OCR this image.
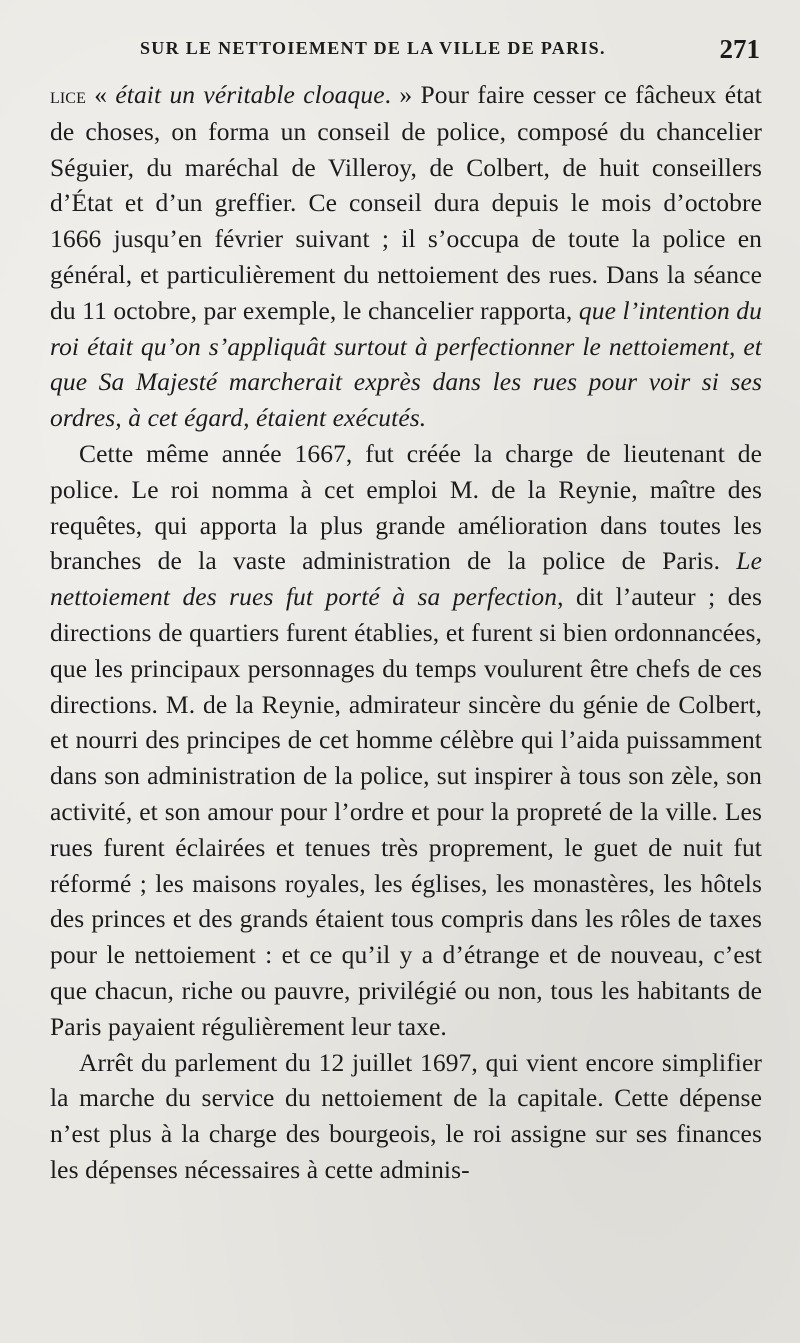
SUR LE NETTOIEMENT DE LA VILLE DE PARIS.	271

lice « était un véritable cloaque. » Pour faire cesser ce fâcheux état de choses, on forma un conseil de police, composé du chancelier Séguier, du maréchal de Villeroy, de Colbert, de huit conseillers d’État et d’un greffier. Ce conseil dura depuis le mois d’octobre 1666 jusqu’en février suivant ; il s’occupa de toute la police en général, et particulièrement du nettoiement des rues. Dans la séance du 11 octobre, par exemple, le chancelier rapporta, que l’intention du roi était qu’on s’appliquât surtout à perfectionner le nettoiement, et que Sa Majesté marcherait exprès dans les rues pour voir si ses ordres, à cet égard, étaient exécutés.

Cette même année 1667, fut créée la charge de lieutenant de police. Le roi nomma à cet emploi M. de la Reynie, maître des requêtes, qui apporta la plus grande amélioration dans toutes les branches de la vaste administration de la police de Paris. Le nettoiement des rues fut porté à sa perfection, dit l’auteur ; des directions de quartiers furent établies, et furent si bien ordonnancées, que les principaux personnages du temps voulurent être chefs de ces directions. M. de la Reynie, admirateur sincère du génie de Colbert, et nourri des principes de cet homme célèbre qui l’aida puissamment dans son administration de la police, sut inspirer à tous son zèle, son activité, et son amour pour l’ordre et pour la propreté de la ville. Les rues furent éclairées et tenues très proprement, le guet de nuit fut réformé ; les maisons royales, les églises, les monastères, les hôtels des princes et des grands étaient tous compris dans les rôles de taxes pour le nettoiement : et ce qu’il y a d’étrange et de nouveau, c’est que chacun, riche ou pauvre, privilégié ou non, tous les habitants de Paris payaient régulièrement leur taxe.

Arrêt du parlement du 12 juillet 1697, qui vient encore simplifier la marche du service du nettoiement de la capitale. Cette dépense n’est plus à la charge des bourgeois, le roi assigne sur ses finances les dépenses nécessaires à cette adminis-
